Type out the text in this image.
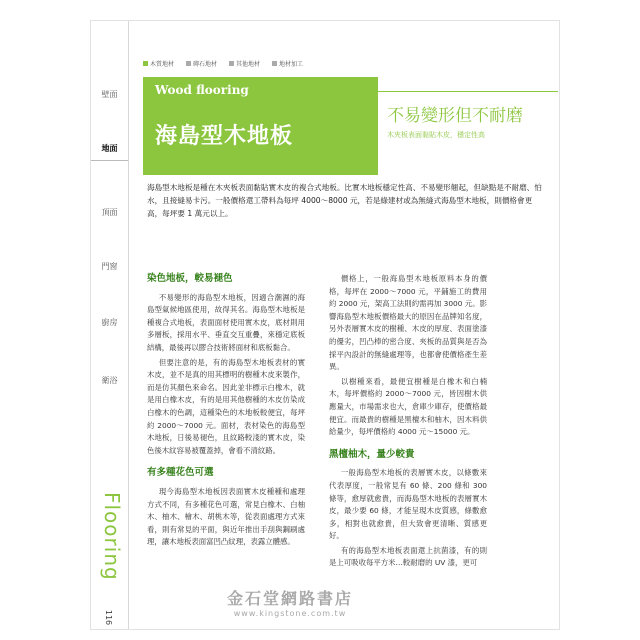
壁面
地面
頂面
門窗
廚房
衛浴
Flooring
116
木質地材	磚石地材	其他地材	地材加工
Wood flooring
海島型木地板
不易變形但不耐磨
木夾板表面黏貼木皮，穩定性高
海島型木地板是種在木夾板表面黏貼實木皮的複合式地板。比實木地板穩定性高、不易變形翹起，但缺點是不耐磨、怕水，且接縫易卡污。一般價格還工帶料為每坪 4000～8000 元，若是綠建材或為無縫式海島型木地板，則價格會更高，每坪要 1 萬元以上。
染色地板，較易褪色

不易變形的海島型木地板，因適合潮濕的海島型氣候地區使用，故得其名。海島型木地板是種複合式地板，表面面材使用實木皮，底材則用多層板，採用水平、垂直交互重疊，來穩定底板結構，最後再以膠合技術將面材和底板黏合。

但要注意的是，有的海島型木地板表材的實木皮，並不是真的用其標明的樹種木皮來製作，而是仿其顏色來命名。因此並非標示白橡木，就是用白橡木皮，有的是用其他樹種的木皮仿染成白橡木的色調，這種染色的木地板較便宜，每坪約 2000～7000 元。面材，表材染色的海島型木地板，日後易褪色，且紋路較淺的實木皮，染色後木紋容易被覆蓋掉，會看不清紋路。

有多種花色可選

現今海島型木地板因表面實木皮種種和處理方式不同，有多種花色可選，常見白橡木、白柚木、柚木、檜木、胡桃木等，從表面處理方式來看，則有常見的平面，與近年推出手刮與鋼刷處理，讓木地板表面富凹凸紋理，表露立體感。

價格上，一般海島型木地板原料本身的價格，每坪在 2000～7000 元，平鋪施工的費用約 2000 元，架高工法則約需再加 3000 元。影響海島型木地板價格最大的原因在品牌知名度，另外表層實木皮的樹種、木皮的厚度、表面塗漆的優劣，凹凸棒的密合度、夾板的品質與是否為採平內設計的無縫處理等，也都會使價格產生差異。

以樹種來看，最便宜樹種是白橡木和白楠木，每坪價格約 2000～7000 元，皆因樹木供應量大，市場需求也大，倉庫少庫存，使價格最便宜。而最貴的樹種是黑檀木和柚木，因木料供給量少，每坪價格約 4000 元～15000 元。

黑檀柚木，量少較貴

一般海島型木地板的表層實木皮，以條數來代表厚度，一般常見有 60 條、200 條和 300 條等，愈厚就愈貴，而海島型木地板的表層實木皮，最少要 60 條，才能呈現木皮質感，條數愈多，相對也就愈貴，但大致會更清晰、質感更好。

有的海島型木地板表面還上抗菌漆，有的則是上可吸收每平方米…較耐磨的 UV 漆，更可

金石堂網路書店
www.kingstone.com.tw
